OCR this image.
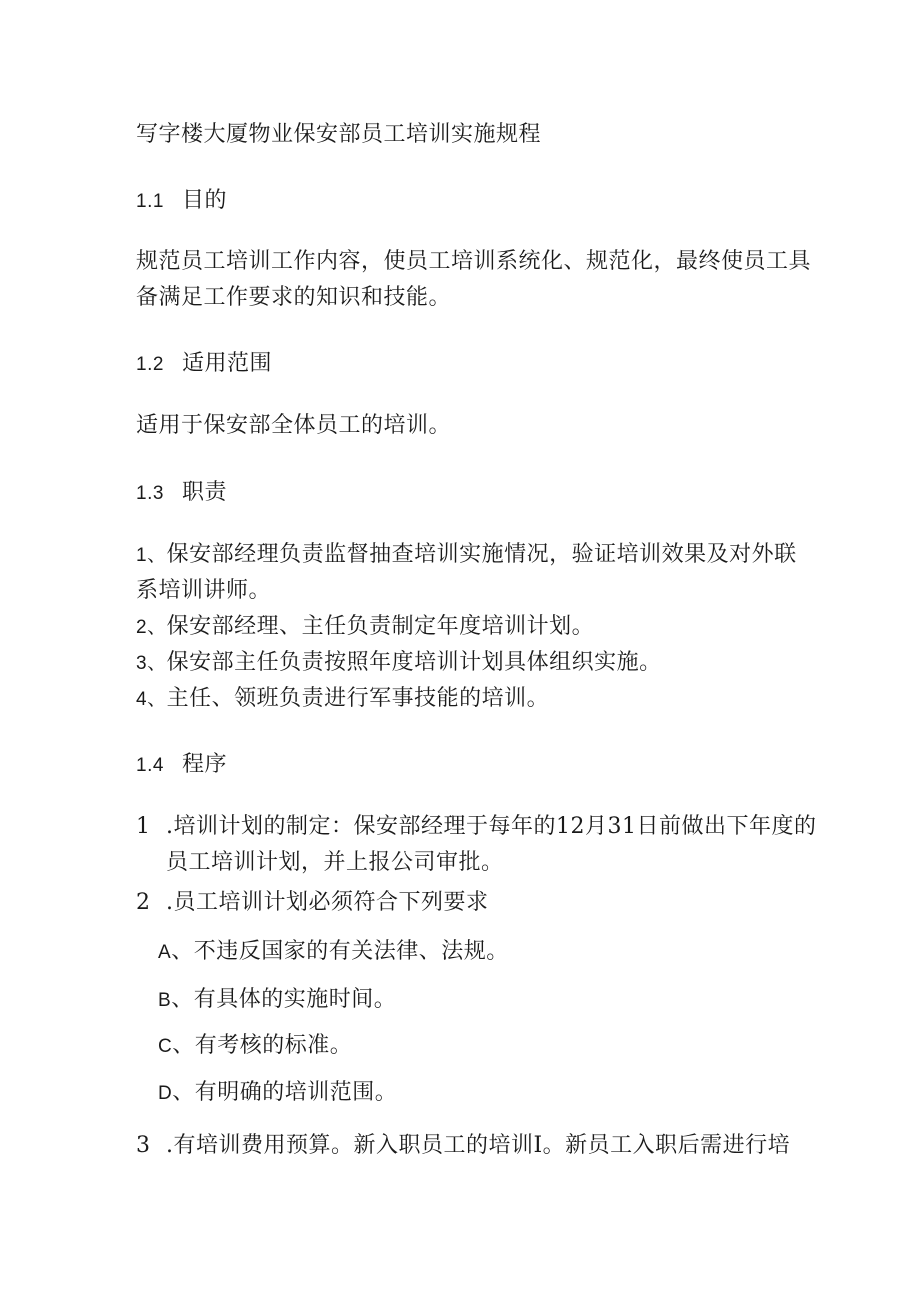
写字楼大厦物业保安部员工培训实施规程
1.1 目的
规范员工培训工作内容，使员工培训系统化、规范化，最终使员工具
备满足工作要求的知识和技能。
1.2 适用范围
适用于保安部全体员工的培训。
1.3 职责
1、保安部经理负责监督抽查培训实施情况，验证培训效果及对外联
系培训讲师。
2、保安部经理、主任负责制定年度培训计划。
3、保安部主任负责按照年度培训计划具体组织实施。
4、主任、领班负责进行军事技能的培训。
1.4 程序
1 .培训计划的制定：保安部经理于每年的12月31日前做出下年度的
员工培训计划，并上报公司审批。
2 .员工培训计划必须符合下列要求
A、不违反国家的有关法律、法规。
B、有具体的实施时间。
C、有考核的标准。
D、有明确的培训范围。
3 .有培训费用预算。新入职员工的培训I。新员工入职后需进行培
